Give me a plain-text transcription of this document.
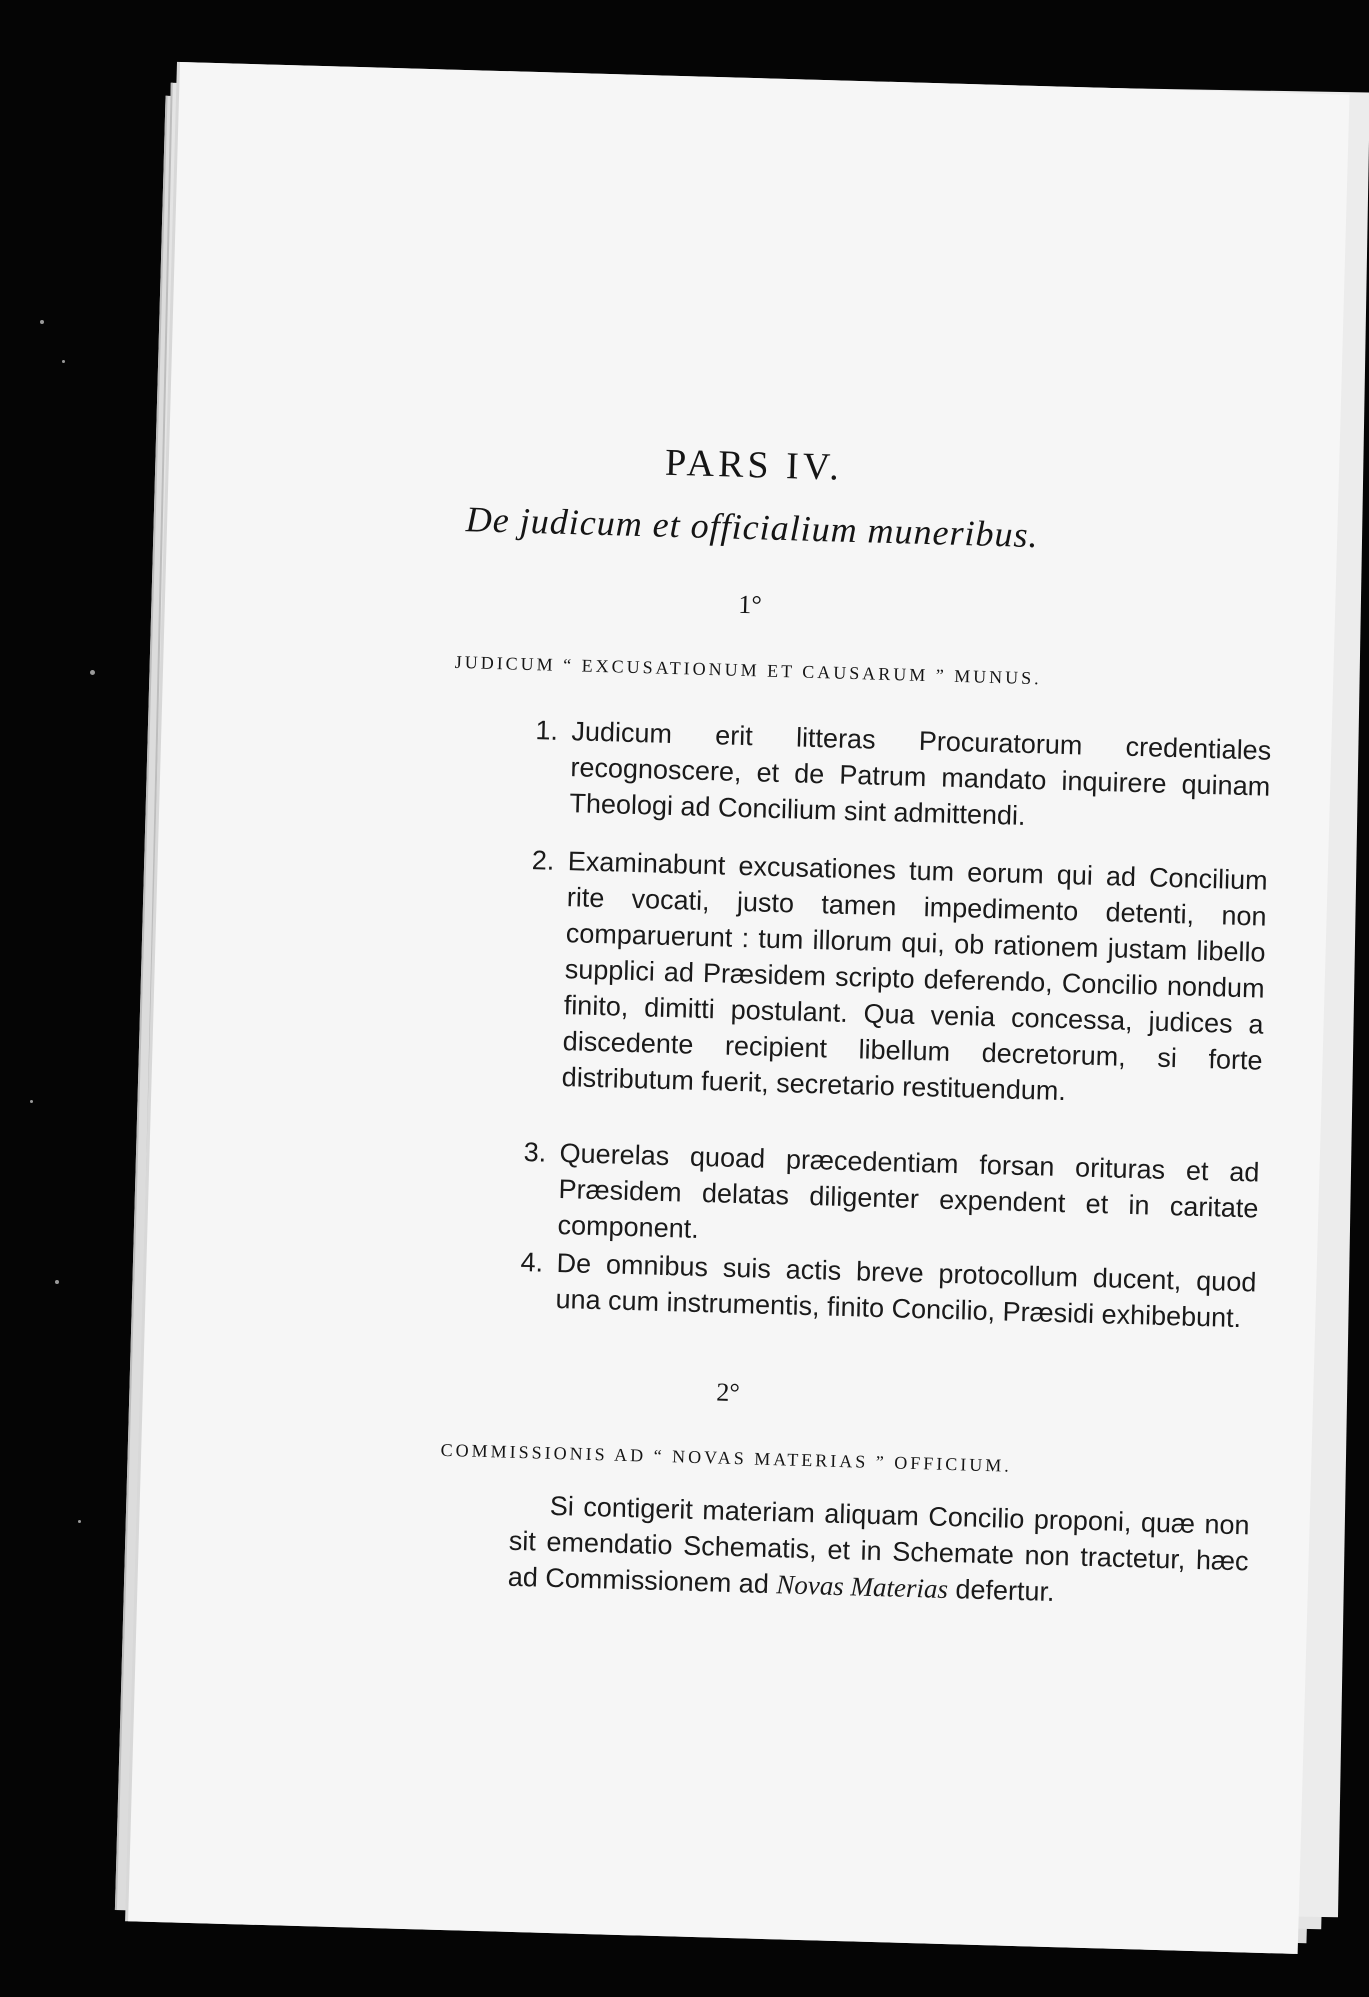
PARS IV.
De judicum et officialium muneribus.
1°
JUDICUM “ EXCUSATIONUM ET CAUSARUM ” MUNUS.
1. Judicum erit litteras Procuratorum credentiales recognoscere, et de Patrum mandato inquirere quinam Theologi ad Concilium sint admittendi.
2. Examinabunt excusationes tum eorum qui ad Concilium rite vocati, justo tamen impedimento detenti, non comparuerunt : tum illorum qui, ob rationem justam libello supplici ad Præsidem scripto deferendo, Concilio nondum finito, dimitti postulant. Qua venia concessa, judices a discedente recipient libellum decretorum, si forte distributum fuerit, secretario restituendum.
3. Querelas quoad præcedentiam forsan orituras et ad Præsidem delatas diligenter expendent et in caritate component.
4. De omnibus suis actis breve protocollum ducent, quod una cum instrumentis, finito Concilio, Præsidi exhibebunt.
2°
COMMISSIONIS AD “ NOVAS MATERIAS ” OFFICIUM.
Si contigerit materiam aliquam Concilio proponi, quæ non sit emendatio Schematis, et in Schemate non tractetur, hæc ad Commissionem ad Novas Materias defertur.
